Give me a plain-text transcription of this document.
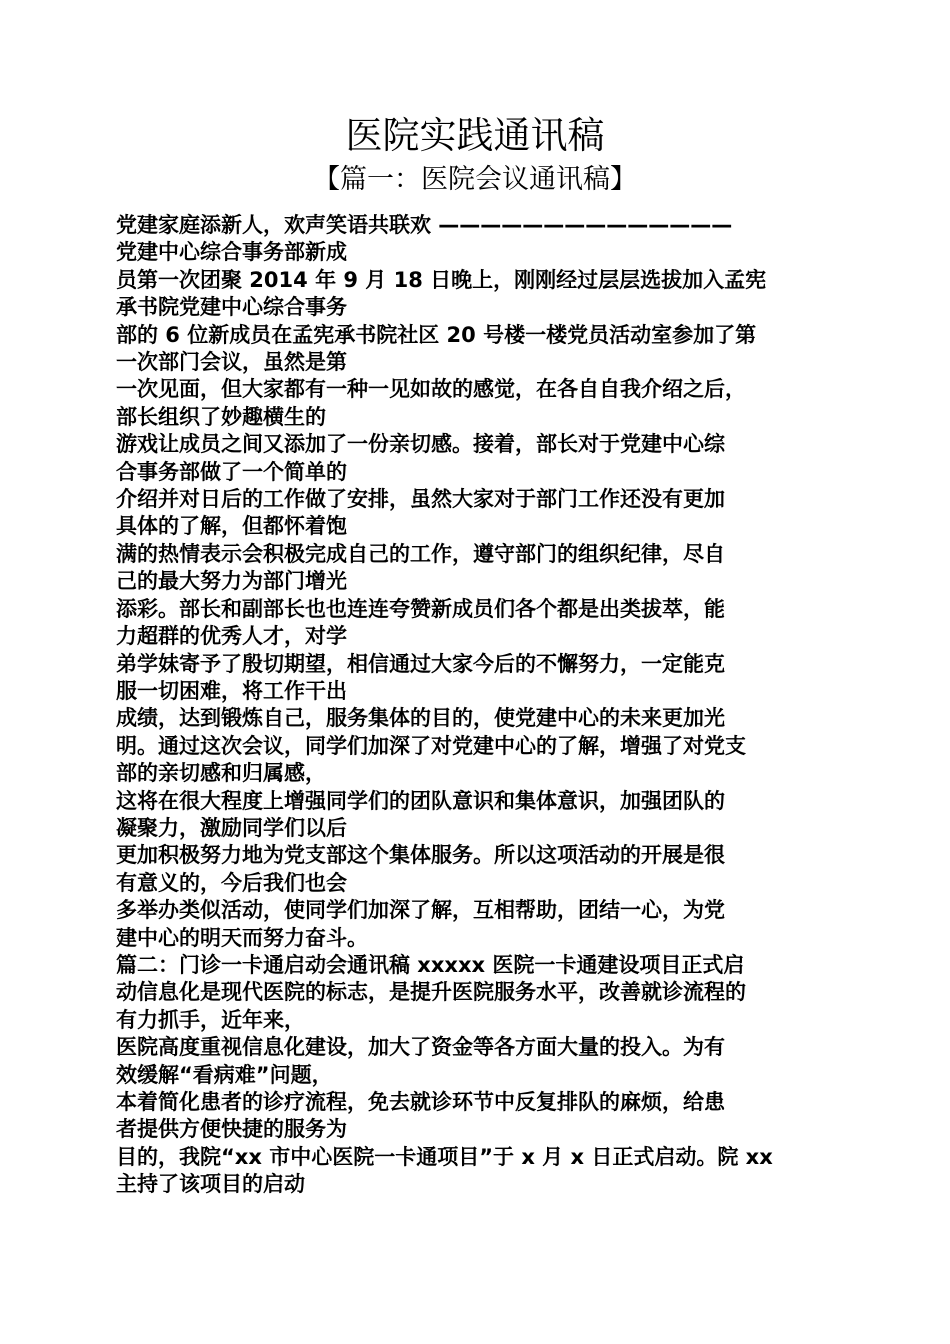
医院实践通讯稿
【篇一：医院会议通讯稿】
党建家庭添新人，欢声笑语共联欢 ——————————————
党建中心综合事务部新成
员第一次团聚 2014 年 9 月 18 日晚上，刚刚经过层层选拔加入孟宪
承书院党建中心综合事务
部的 6 位新成员在孟宪承书院社区 20 号楼一楼党员活动室参加了第
一次部门会议，虽然是第
一次见面，但大家都有一种一见如故的感觉，在各自自我介绍之后，
部长组织了妙趣横生的
游戏让成员之间又添加了一份亲切感。接着，部长对于党建中心综
合事务部做了一个简单的
介绍并对日后的工作做了安排，虽然大家对于部门工作还没有更加
具体的了解，但都怀着饱
满的热情表示会积极完成自己的工作，遵守部门的组织纪律，尽自
己的最大努力为部门增光
添彩。部长和副部长也也连连夸赞新成员们各个都是出类拔萃，能
力超群的优秀人才，对学
弟学妹寄予了殷切期望，相信通过大家今后的不懈努力，一定能克
服一切困难，将工作干出
成绩，达到锻炼自己，服务集体的目的，使党建中心的未来更加光
明。通过这次会议，同学们加深了对党建中心的了解，增强了对党支
部的亲切感和归属感，
这将在很大程度上增强同学们的团队意识和集体意识，加强团队的
凝聚力，激励同学们以后
更加积极努力地为党支部这个集体服务。所以这项活动的开展是很
有意义的，今后我们也会
多举办类似活动，使同学们加深了解，互相帮助，团结一心，为党
建中心的明天而努力奋斗。
篇二：门诊一卡通启动会通讯稿 xxxxx 医院一卡通建设项目正式启
动信息化是现代医院的标志，是提升医院服务水平，改善就诊流程的
有力抓手，近年来，
医院高度重视信息化建设，加大了资金等各方面大量的投入。为有
效缓解“看病难”问题，
本着简化患者的诊疗流程，免去就诊环节中反复排队的麻烦，给患
者提供方便快捷的服务为
目的，我院“xx 市中心医院一卡通项目”于 x 月 x 日正式启动。院 xx
主持了该项目的启动
